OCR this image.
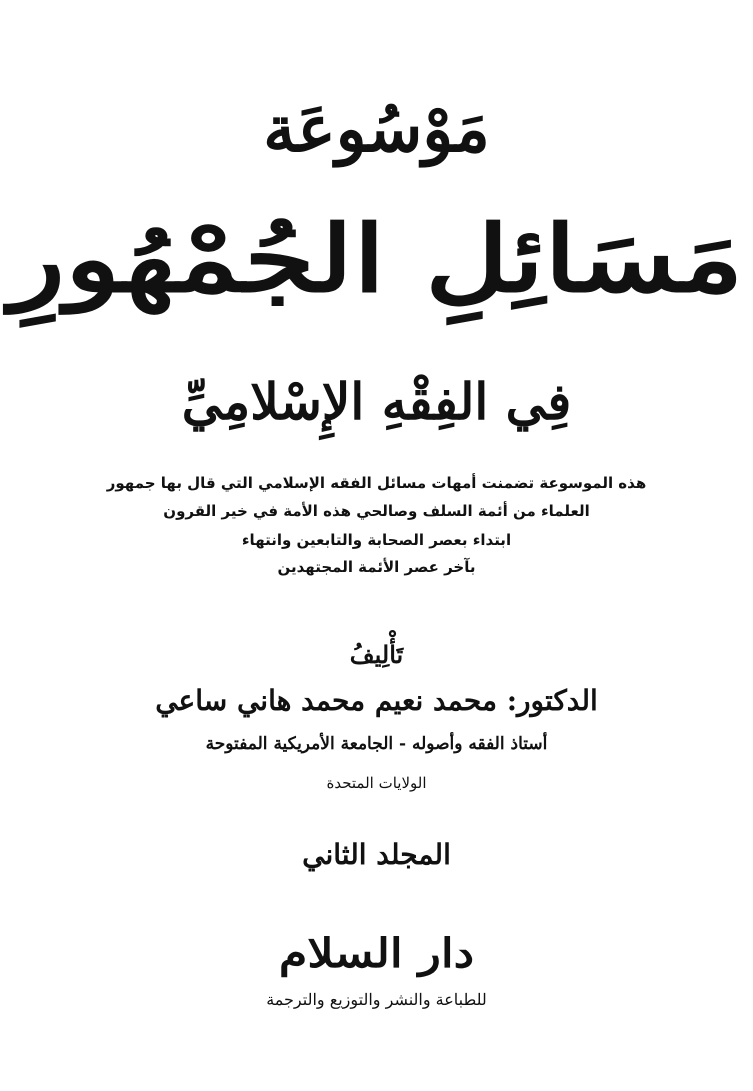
مَوْسُوعَة
مَسَائِلِ الجُمْهُورِ
فِي الفِقْهِ الإِسْلامِيِّ
هذه الموسوعة تضمنت أمهات مسائل الفقه الإسلامي التي قال بها جمهور
العلماء من أئمة السلف وصالحي هذه الأمة في خير القرون
ابتداء بعصر الصحابة والتابعين وانتهاء
بآخر عصر الأئمة المجتهدين
تَأْلِيفُ
الدكتور: محمد نعيم محمد هاني ساعي
أستاذ الفقه وأصوله - الجامعة الأمريكية المفتوحة
الولايات المتحدة
المجلد الثاني
دار السلام
للطباعة والنشر والتوزيع والترجمة
